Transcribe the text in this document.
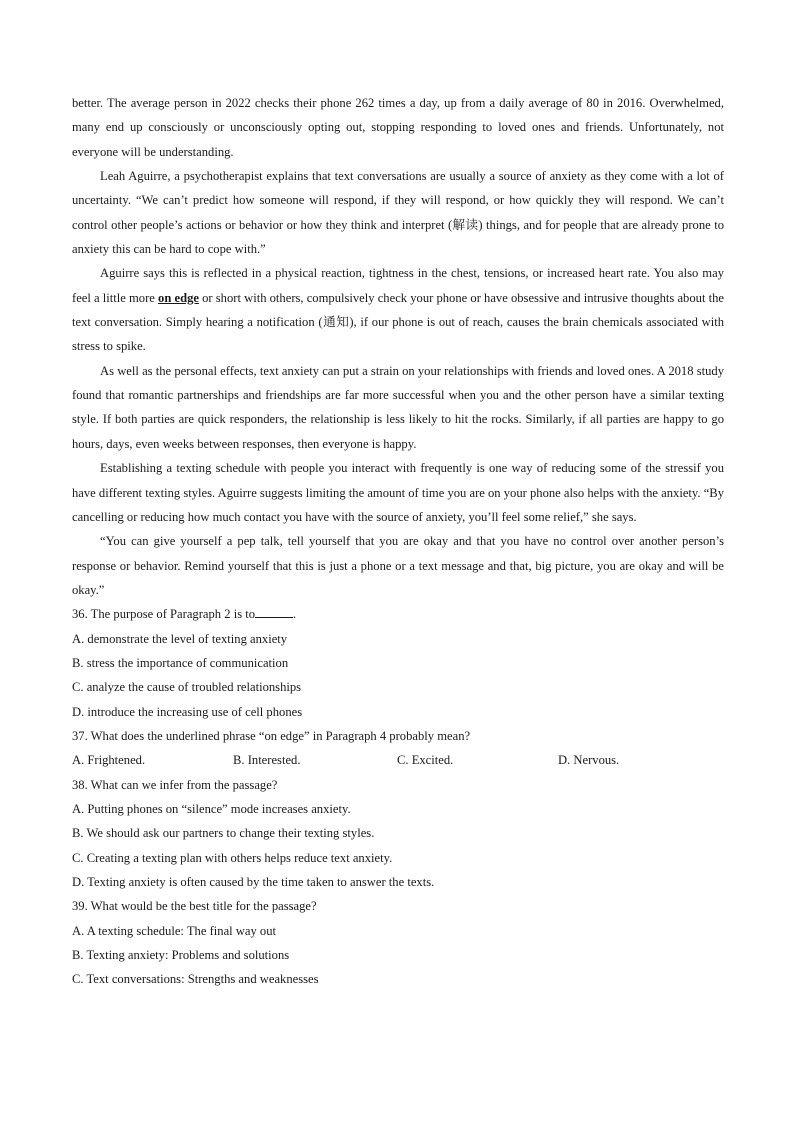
better. The average person in 2022 checks their phone 262 times a day, up from a daily average of 80 in 2016. Overwhelmed, many end up consciously or unconsciously opting out, stopping responding to loved ones and friends. Unfortunately, not everyone will be understanding.

Leah Aguirre, a psychotherapist explains that text conversations are usually a source of anxiety as they come with a lot of uncertainty. “We can’t predict how someone will respond, if they will respond, or how quickly they will respond. We can’t control other people’s actions or behavior or how they think and interpret (解读) things, and for people that are already prone to anxiety this can be hard to cope with.”

Aguirre says this is reflected in a physical reaction, tightness in the chest, tensions, or increased heart rate. You also may feel a little more on edge or short with others, compulsively check your phone or have obsessive and intrusive thoughts about the text conversation. Simply hearing a notification (通知), if our phone is out of reach, causes the brain chemicals associated with stress to spike.

As well as the personal effects, text anxiety can put a strain on your relationships with friends and loved ones. A 2018 study found that romantic partnerships and friendships are far more successful when you and the other person have a similar texting style. If both parties are quick responders, the relationship is less likely to hit the rocks. Similarly, if all parties are happy to go hours, days, even weeks between responses, then everyone is happy.

Establishing a texting schedule with people you interact with frequently is one way of reducing some of the stressif you have different texting styles. Aguirre suggests limiting the amount of time you are on your phone also helps with the anxiety. “By cancelling or reducing how much contact you have with the source of anxiety, you’ll feel some relief,” she says.

“You can give yourself a pep talk, tell yourself that you are okay and that you have no control over another person’s response or behavior. Remind yourself that this is just a phone or a text message and that, big picture, you are okay and will be okay.”

36. The purpose of Paragraph 2 is to	.

A. demonstrate the level of texting anxiety

B. stress the importance of communication

C. analyze the cause of troubled relationships

D. introduce the increasing use of cell phones

37. What does the underlined phrase “on edge” in Paragraph 4 probably mean?

A. Frightened.	B. Interested.	C. Excited.	D. Nervous.

38. What can we infer from the passage?

A. Putting phones on “silence” mode increases anxiety.

B. We should ask our partners to change their texting styles.

C. Creating a texting plan with others helps reduce text anxiety.

D. Texting anxiety is often caused by the time taken to answer the texts.

39. What would be the best title for the passage?

A. A texting schedule: The final way out

B. Texting anxiety: Problems and solutions

C. Text conversations: Strengths and weaknesses
